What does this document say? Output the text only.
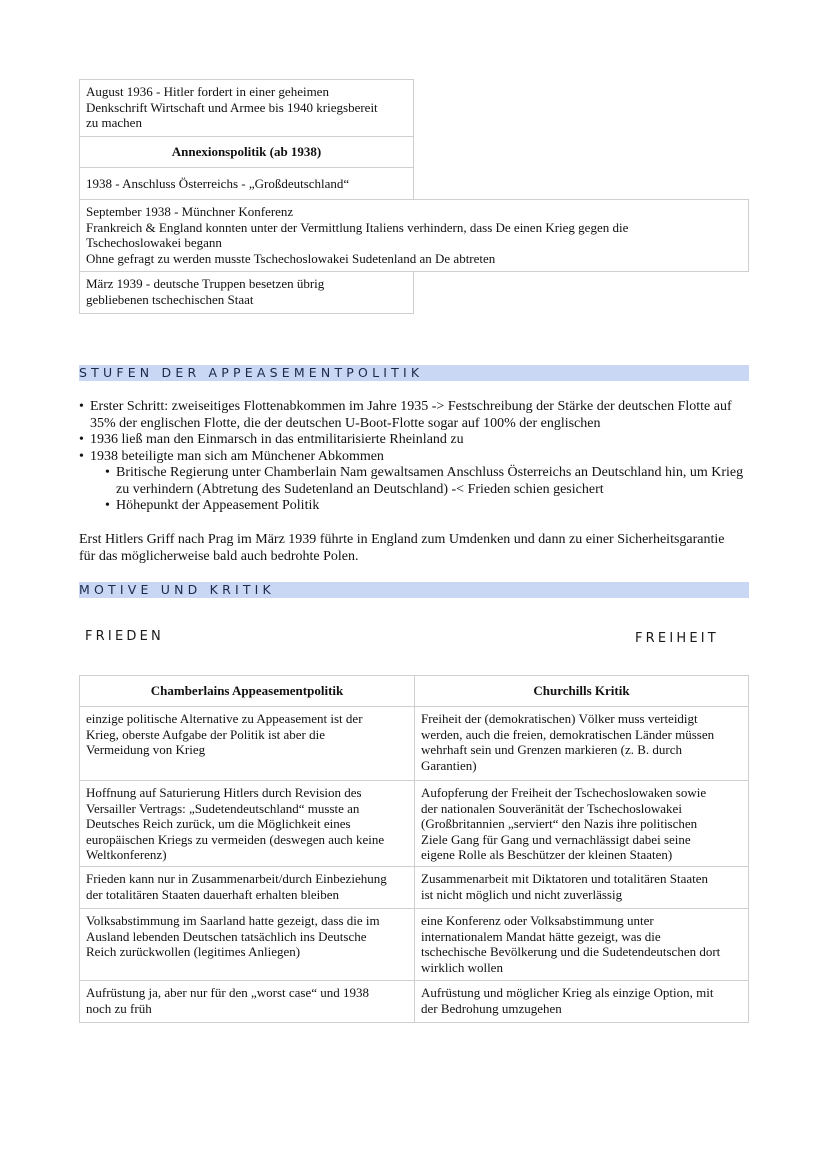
August 1936 - Hitler fordert in einer geheimen
Denkschrift Wirtschaft und Armee bis 1940 kriegsbereit
zu machen
Annexionspolitik (ab 1938)
1938 - Anschluss Österreichs - „Großdeutschland“
September 1938 - Münchner Konferenz
Frankreich & England konnten unter der Vermittlung Italiens verhindern, dass De einen Krieg gegen die
Tschechoslowakei begann
Ohne gefragt zu werden musste Tschechoslowakei Sudetenland an De abtreten
März 1939 - deutsche Truppen besetzen übrig
gebliebenen tschechischen Staat
STUFEN DER APPEASEMENTPOLITIK
• Erster Schritt: zweiseitiges Flottenabkommen im Jahre 1935 -> Festschreibung der Stärke der deutschen Flotte auf 35% der englischen Flotte, die der deutschen U-Boot-Flotte sogar auf 100% der englischen
• 1936 ließ man den Einmarsch in das entmilitarisierte Rheinland zu
• 1938 beteiligte man sich am Münchener Abkommen
• Britische Regierung unter Chamberlain Nam gewaltsamen Anschluss Österreichs an Deutschland hin, um Krieg zu verhindern (Abtretung des Sudetenland an Deutschland) -< Frieden schien gesichert
• Höhepunkt der Appeasement Politik
Erst Hitlers Griff nach Prag im März 1939 führte in England zum Umdenken und dann zu einer Sicherheitsgarantie für das möglicherweise bald auch bedrohte Polen.
MOTIVE UND KRITIK
FRIEDEN	FREIHEIT
Chamberlains Appeasementpolitik	Churchills Kritik
einzige politische Alternative zu Appeasement ist der
Krieg, oberste Aufgabe der Politik ist aber die
Vermeidung von Krieg
Freiheit der (demokratischen) Völker muss verteidigt
werden, auch die freien, demokratischen Länder müssen
wehrhaft sein und Grenzen markieren (z. B. durch
Garantien)
Hoffnung auf Saturierung Hitlers durch Revision des
Versailler Vertrags: „Sudetendeutschland“ musste an
Deutsches Reich zurück, um die Möglichkeit eines
europäischen Kriegs zu vermeiden (deswegen auch keine
Weltkonferenz)
Aufopferung der Freiheit der Tschechoslowaken sowie
der nationalen Souveränität der Tschechoslowakei
(Großbritannien „serviert“ den Nazis ihre politischen
Ziele Gang für Gang und vernachlässigt dabei seine
eigene Rolle als Beschützer der kleinen Staaten)
Frieden kann nur in Zusammenarbeit/durch Einbeziehung
der totalitären Staaten dauerhaft erhalten bleiben
Zusammenarbeit mit Diktatoren und totalitären Staaten
ist nicht möglich und nicht zuverlässig
Volksabstimmung im Saarland hatte gezeigt, dass die im
Ausland lebenden Deutschen tatsächlich ins Deutsche
Reich zurückwollen (legitimes Anliegen)
eine Konferenz oder Volksabstimmung unter
internationalem Mandat hätte gezeigt, was die
tschechische Bevölkerung und die Sudetendeutschen dort
wirklich wollen
Aufrüstung ja, aber nur für den „worst case“ und 1938
noch zu früh
Aufrüstung und möglicher Krieg als einzige Option, mit
der Bedrohung umzugehen
